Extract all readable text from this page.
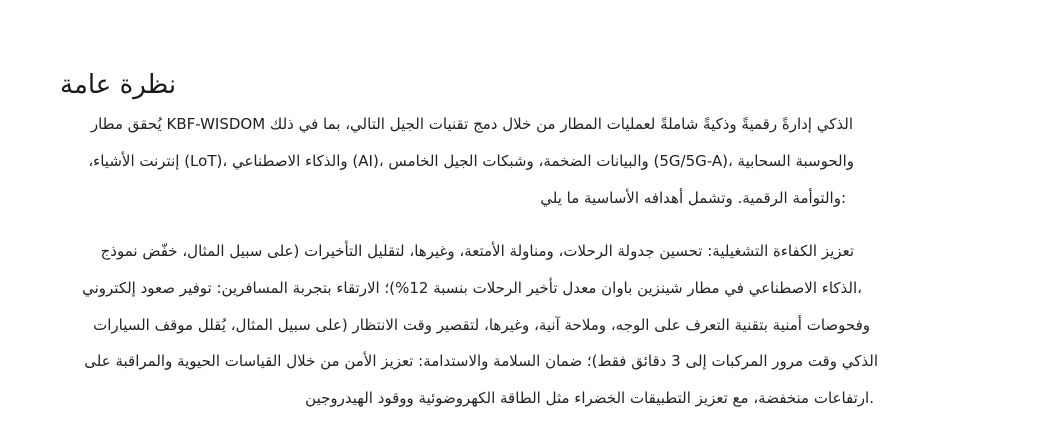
نظرة عامة
الذكي إدارةً رقميةً وذكيةً شاملةً لعمليات المطار من خلال دمج تقنيات الجيل التالي، بما في ذلك KBF-WISDOM يُحقق مطار
والحوسبة السحابية ،(5G/5G-A) والبيانات الضخمة، وشبكات الجيل الخامس ،(AI) والذكاء الاصطناعي ،(LoT) إنترنت الأشياء،
:والتوأمة الرقمية. وتشمل أهدافه الأساسية ما يلي
تعزيز الكفاءة التشغيلية: تحسين جدولة الرحلات، ومناولة الأمتعة، وغيرها، لتقليل التأخيرات (على سبيل المثال، خفّض نموذج
،الذكاء الاصطناعي في مطار شينزين باوان معدل تأخير الرحلات بنسبة 12%)؛ الارتقاء بتجربة المسافرين: توفير صعود إلكتروني
وفحوصات أمنية بتقنية التعرف على الوجه، وملاحة آنية، وغيرها، لتقصير وقت الانتظار (على سبيل المثال، يُقلل موقف السيارات
الذكي وقت مرور المركبات إلى 3 دقائق فقط)؛ ضمان السلامة والاستدامة: تعزيز الأمن من خلال القياسات الحيوية والمراقبة على
.ارتفاعات منخفضة، مع تعزيز التطبيقات الخضراء مثل الطاقة الكهروضوئية ووقود الهيدروجين
